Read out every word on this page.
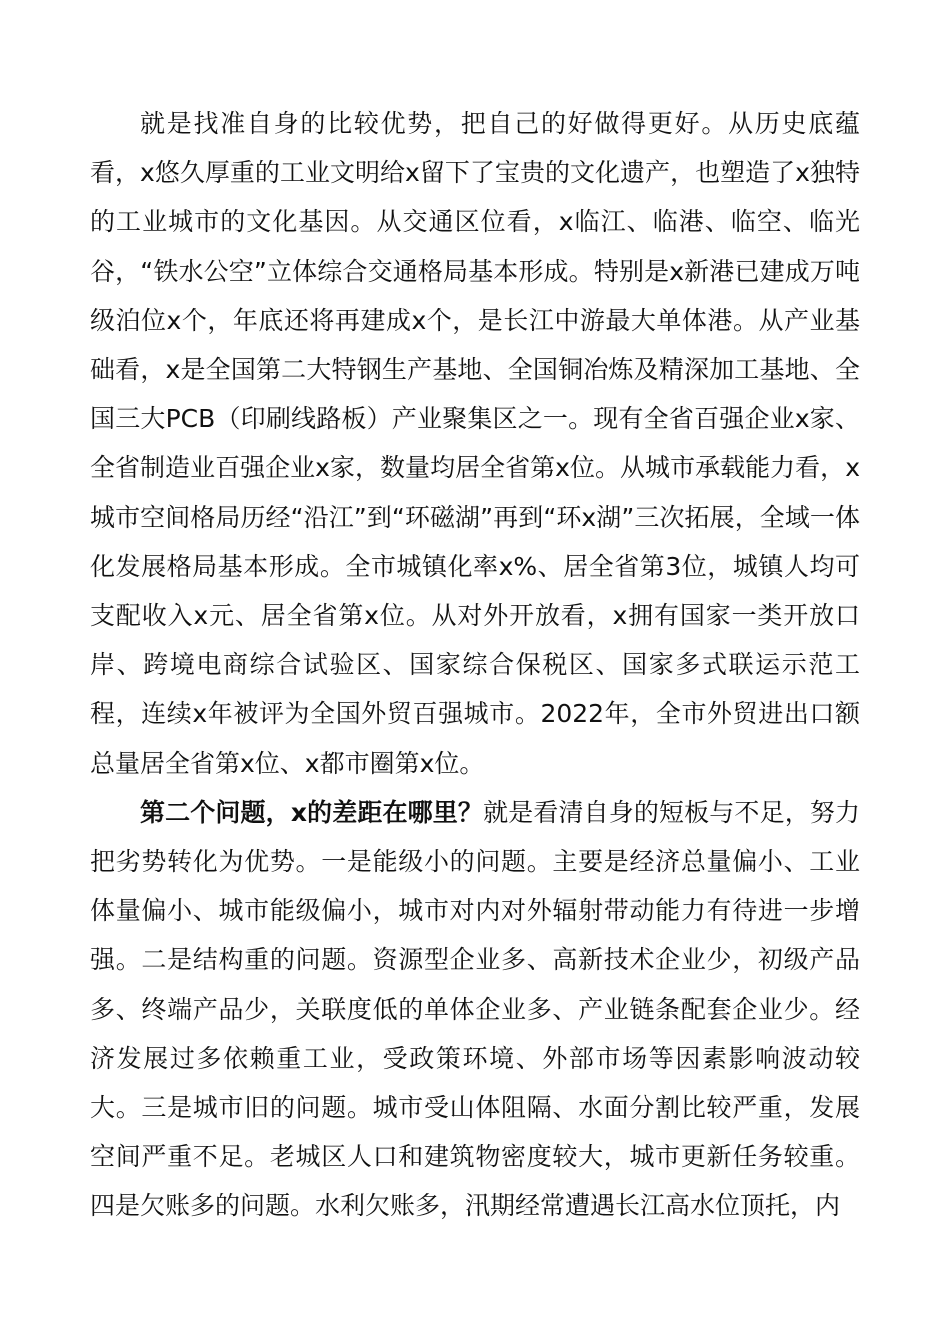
就是找准自身的比较优势，把自己的好做得更好。从历史底蕴看，x悠久厚重的工业文明给x留下了宝贵的文化遗产，也塑造了x独特的工业城市的文化基因。从交通区位看，x临江、临港、临空、临光谷，“铁水公空”立体综合交通格局基本形成。特别是x新港已建成万吨级泊位x个，年底还将再建成x个，是长江中游最大单体港。从产业基础看，x是全国第二大特钢生产基地、全国铜冶炼及精深加工基地、全国三大PCB（印刷线路板）产业聚集区之一。现有全省百强企业x家、全省制造业百强企业x家，数量均居全省第x位。从城市承载能力看，x城市空间格局历经“沿江”到“环磁湖”再到“环x湖”三次拓展，全域一体化发展格局基本形成。全市城镇化率x%、居全省第3位，城镇人均可支配收入x元、居全省第x位。从对外开放看，x拥有国家一类开放口岸、跨境电商综合试验区、国家综合保税区、国家多式联运示范工程，连续x年被评为全国外贸百强城市。2022年，全市外贸进出口额总量居全省第x位、x都市圈第x位。

第二个问题，x的差距在哪里？就是看清自身的短板与不足，努力把劣势转化为优势。一是能级小的问题。主要是经济总量偏小、工业体量偏小、城市能级偏小，城市对内对外辐射带动能力有待进一步增强。二是结构重的问题。资源型企业多、高新技术企业少，初级产品多、终端产品少，关联度低的单体企业多、产业链条配套企业少。经济发展过多依赖重工业，受政策环境、外部市场等因素影响波动较大。三是城市旧的问题。城市受山体阻隔、水面分割比较严重，发展空间严重不足。老城区人口和建筑物密度较大，城市更新任务较重。四是欠账多的问题。水利欠账多，汛期经常遭遇长江高水位顶托，内
